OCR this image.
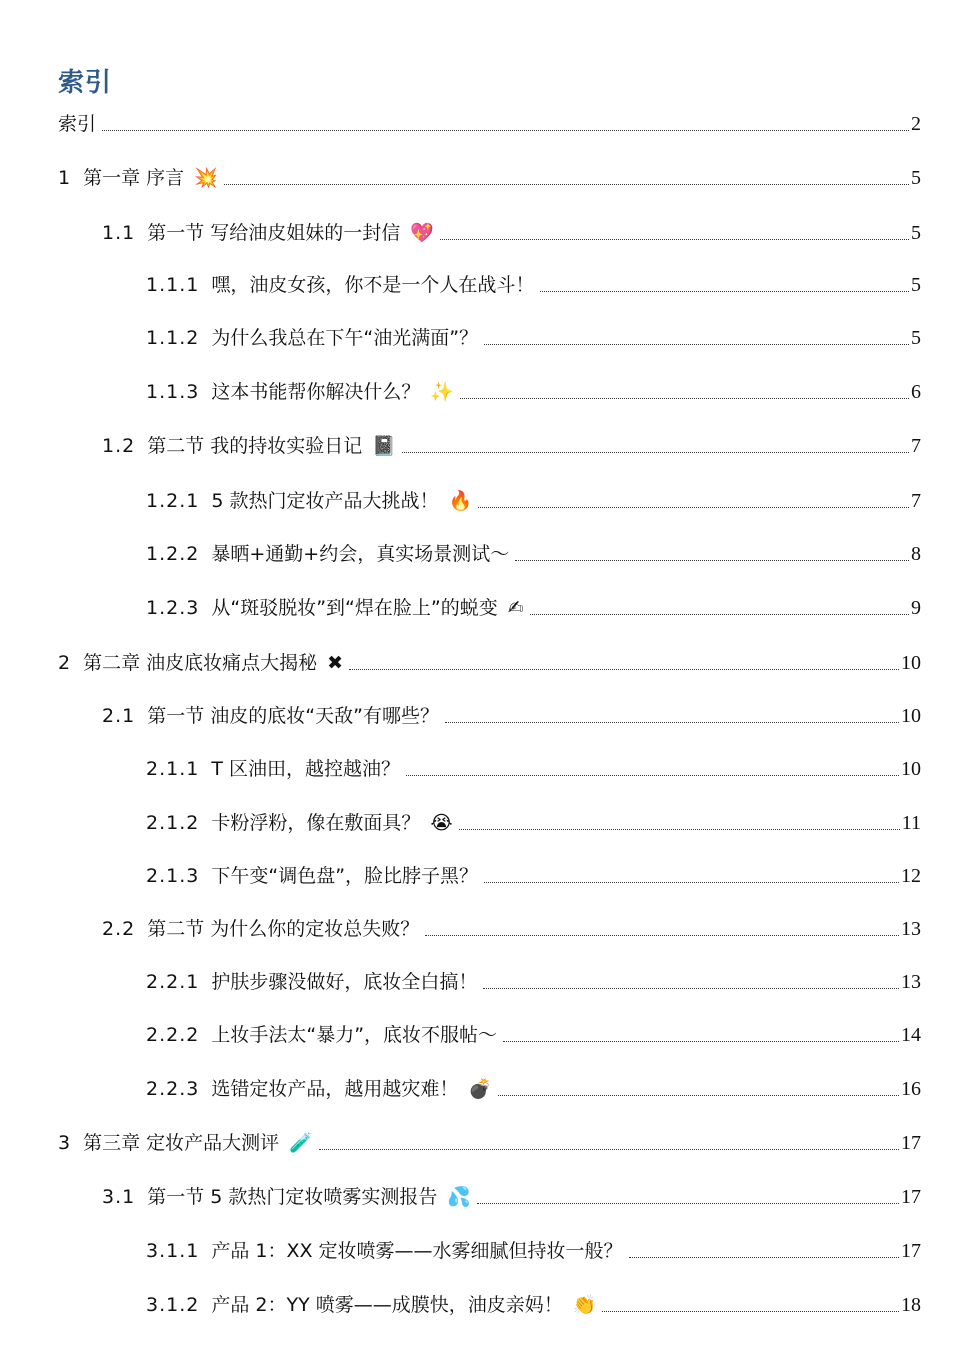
索引
索引	2
1 第一章 序言 💥	5
1.1 第一节 写给油皮姐妹的一封信 💖	5
1.1.1 嘿，油皮女孩，你不是一个人在战斗！	5
1.1.2 为什么我总在下午“油光满面”？	5
1.1.3 这本书能帮你解决什么？ ✨	6
1.2 第二节 我的持妆实验日记 📓	7
1.2.1 5 款热门定妆产品大挑战！ 🔥	7
1.2.2 暴晒+通勤+约会，真实场景测试～	8
1.2.3 从“斑驳脱妆”到“焊在脸上”的蜕变 ✍	9
2 第二章 油皮底妆痛点大揭秘 ✖	10
2.1 第一节 油皮的底妆“天敌”有哪些？	10
2.1.1 T 区油田，越控越油？	10
2.1.2 卡粉浮粉，像在敷面具？ 😭	11
2.1.3 下午变“调色盘”，脸比脖子黑？	12
2.2 第二节 为什么你的定妆总失败？	13
2.2.1 护肤步骤没做好，底妆全白搞！	13
2.2.2 上妆手法太“暴力”，底妆不服帖～	14
2.2.3 选错定妆产品，越用越灾难！ 💣	16
3 第三章 定妆产品大测评 🧪	17
3.1 第一节 5 款热门定妆喷雾实测报告 💦	17
3.1.1 产品 1：XX 定妆喷雾——水雾细腻但持妆一般？	17
3.1.2 产品 2：YY 喷雾——成膜快，油皮亲妈！ 👏	18
